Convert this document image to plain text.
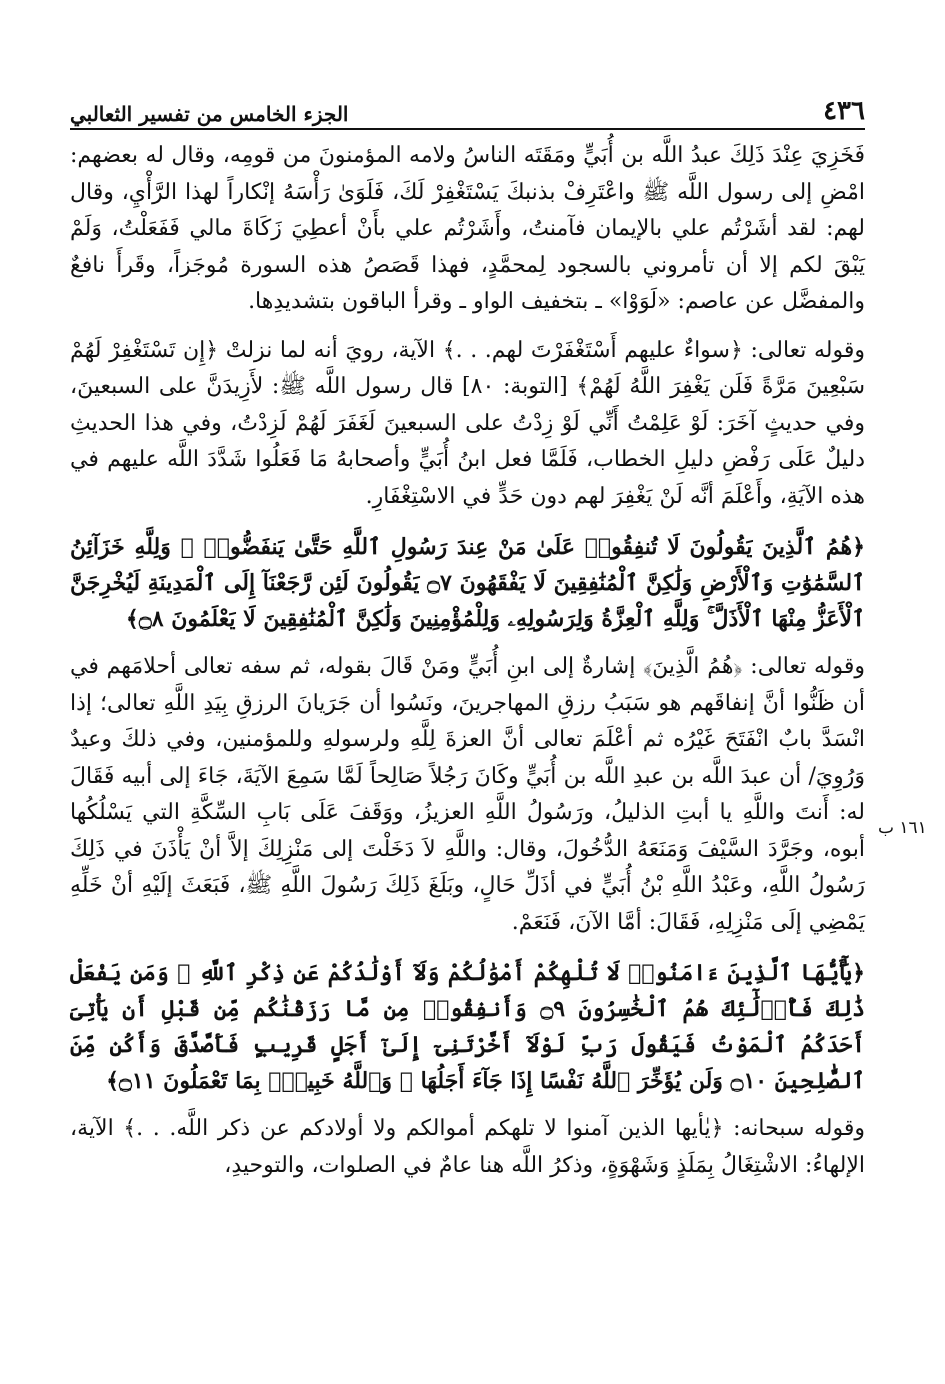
٤٣٦
الجزء الخامس من تفسير الثعالبي

فَخَزِيَ عِنْدَ ذَلِكَ عبدُ اللَّه بن أُبَيٍّ ومَقَتَه الناسُ ولامه المؤمنونَ من قومِه، وقال له بعضهم: امْضِ إلى رسول اللَّه ﷺ واعْتَرِفْ بذنبكَ يَسْتَغْفِرْ لَكَ، فَلَوَىٰ رَأْسَهُ إنْكاراً لهذا الرَّأْيِ، وقال لهم: لقد أشَرْتُم علي بالإيمان فآمنتُ، وأَشَرْتُم علي بأَنْ أعطِيَ زَكَاةَ مالي فَفَعَلْتُ، وَلَمْ يَبْقَ لكم إلا أن تأمروني بالسجود لِمحمَّدٍ، فهذا قَصَصُ هذه السورة مُوجَزاً، وقَرأَ نافعٌ والمفضَّل عن عاصم: «لَوَوْا» ـ بتخفيف الواو ـ وقرأ الباقون بتشديدِها.

وقوله تعالى: ﴿سواءٌ عليهم أَسْتَغْفَرْتَ لهم. . .﴾ الآية، رويَ أنه لما نزلتْ ﴿إِن تَسْتَغْفِرْ لَهُمْ سَبْعِينَ مَرَّةً فَلَن يَغْفِرَ اللَّهُ لَهُمْ﴾ [التوبة: ٨٠] قال رسول اللَّه ﷺ: لأَزِيدَنَّ على السبعينَ، وفي حديثٍ آخَرَ: لَوْ عَلِمْتُ أَنِّي لَوْ زِدْتُ على السبعينَ لَغَفَرَ لَهُمْ لَزِدْتُ، وفي هذا الحديثِ دليلٌ عَلَى رَفْضِ دليلِ الخطاب، فَلَمَّا فعل ابنُ أُبَيٍّ وأصحابهُ مَا فَعَلُوا شَدَّدَ اللَّه عليهم في هذه الآيَةِ، وأَعْلَمَ أنَّه لَنْ يَغْفِرَ لهم دون حَدٍّ في الاسْتِغْفَارِ.

﴿هُمُ ٱلَّذِينَ يَقُولُونَ لَا تُنفِقُوا۟ عَلَىٰ مَنْ عِندَ رَسُولِ ٱللَّهِ حَتَّىٰ يَنفَضُّوا۟ ۗ وَلِلَّهِ خَزَآئِنُ ٱلسَّمَٰوَٰتِ وَٱلْأَرْضِ وَلَٰكِنَّ ٱلْمُنَٰفِقِينَ لَا يَفْقَهُونَ ۝٧ يَقُولُونَ لَئِن رَّجَعْنَآ إِلَى ٱلْمَدِينَةِ لَيُخْرِجَنَّ ٱلْأَعَزُّ مِنْهَا ٱلْأَذَلَّ ۚ وَلِلَّهِ ٱلْعِزَّةُ وَلِرَسُولِهِۦ وَلِلْمُؤْمِنِينَ وَلَٰكِنَّ ٱلْمُنَٰفِقِينَ لَا يَعْلَمُونَ ۝٨﴾

وقوله تعالى: ﴿هُمُ الَّذِينَ﴾ إشارةٌ إلى ابنِ أُبَيٍّ ومَنْ قَالَ بقوله، ثم سفه تعالى أحلامَهم في أن ظَنُّوا أنَّ إنفاقَهم هو سَبَبُ رزقِ المهاجرينَ، ونَسُوا أن جَرَيانَ الرزقِ بِيَدِ اللَّهِ تعالى؛ إذا انْسَدَّ بابٌ انْفَتَحَ غَيْرُه ثم أعْلَمَ تعالى أنَّ العزةَ لِلَّهِ ولرسولهِ وللمؤمنين، وفي ذلكَ وعيدٌ وَرُوِيَ/ أن عبدَ اللَّه بن عبدِ اللَّه بن أُبَيٍّ وكَانَ رَجُلاً صَالِحاً لَمَّا سَمِعَ الآيَةَ، جَاءَ إلى أبيه فَقَالَ له: أَنتَ واللَّهِ يا أبتِ الذليلُ، ورَسُولُ اللَّهِ العزيزُ، ووَقَفَ عَلَى بَابِ السِّكَّةِ التي يَسْلُكُها أبوه، وجَرَّدَ السَّيْفَ وَمَنَعَهُ الدُّخُولَ، وقال: واللَّهِ لاَ دَخَلْتَ إلى مَنْزِلِكَ إلاَّ أنْ يَأْذَنَ في ذَلِكَ رَسُولُ اللَّهِ، وعَبْدُ اللَّهِ بْنُ أُبَيٍّ في أذَلِّ حَالٍ، وبَلَغَ ذَلِكَ رَسُولَ اللَّهِ ﷺ، فَبَعَثَ إلَيْهِ أنْ خَلِّهِ يَمْضِي إلَى مَنْزِلِهِ، فَقَالَ: أمَّا الآنَ، فَنَعَمْ.

﴿يَٰٓأَيُّهَا ٱلَّذِينَ ءَامَنُوا۟ لَا تُلْهِكُمْ أَمْوَٰلُكُمْ وَلَآ أَوْلَٰدُكُمْ عَن ذِكْرِ ٱللَّهِ ۚ وَمَن يَفْعَلْ ذَٰلِكَ فَأُو۟لَٰٓئِكَ هُمُ ٱلْخَٰسِرُونَ ۝٩ وَأَنفِقُوا۟ مِن مَّا رَزَقْنَٰكُم مِّن قَبْلِ أَن يَأْتِىَ أَحَدَكُمُ ٱلْمَوْتُ فَيَقُولَ رَبِّ لَوْلَآ أَخَّرْتَنِىٓ إِلَىٰٓ أَجَلٍ قَرِيبٍ فَأَصَّدَّقَ وَأَكُن مِّنَ ٱلصَّٰلِحِينَ ۝١٠ وَلَن يُؤَخِّرَ ٱللَّهُ نَفْسًا إِذَا جَآءَ أَجَلُهَا ۚ وَٱللَّهُ خَبِيرٌۢ بِمَا تَعْمَلُونَ ۝١١﴾

وقوله سبحانه: ﴿يٰأيها الذين آمنوا لا تلهكم أموالكم ولا أولادكم عن ذكر اللَّه. . .﴾ الآية، الإلهاءُ: الاشْتِغَالُ بِمَلَذٍ وَشَهْوَةٍ، وذكرُ اللَّه هنا عامٌ في الصلوات، والتوحيدِ،

١٦١ ب
